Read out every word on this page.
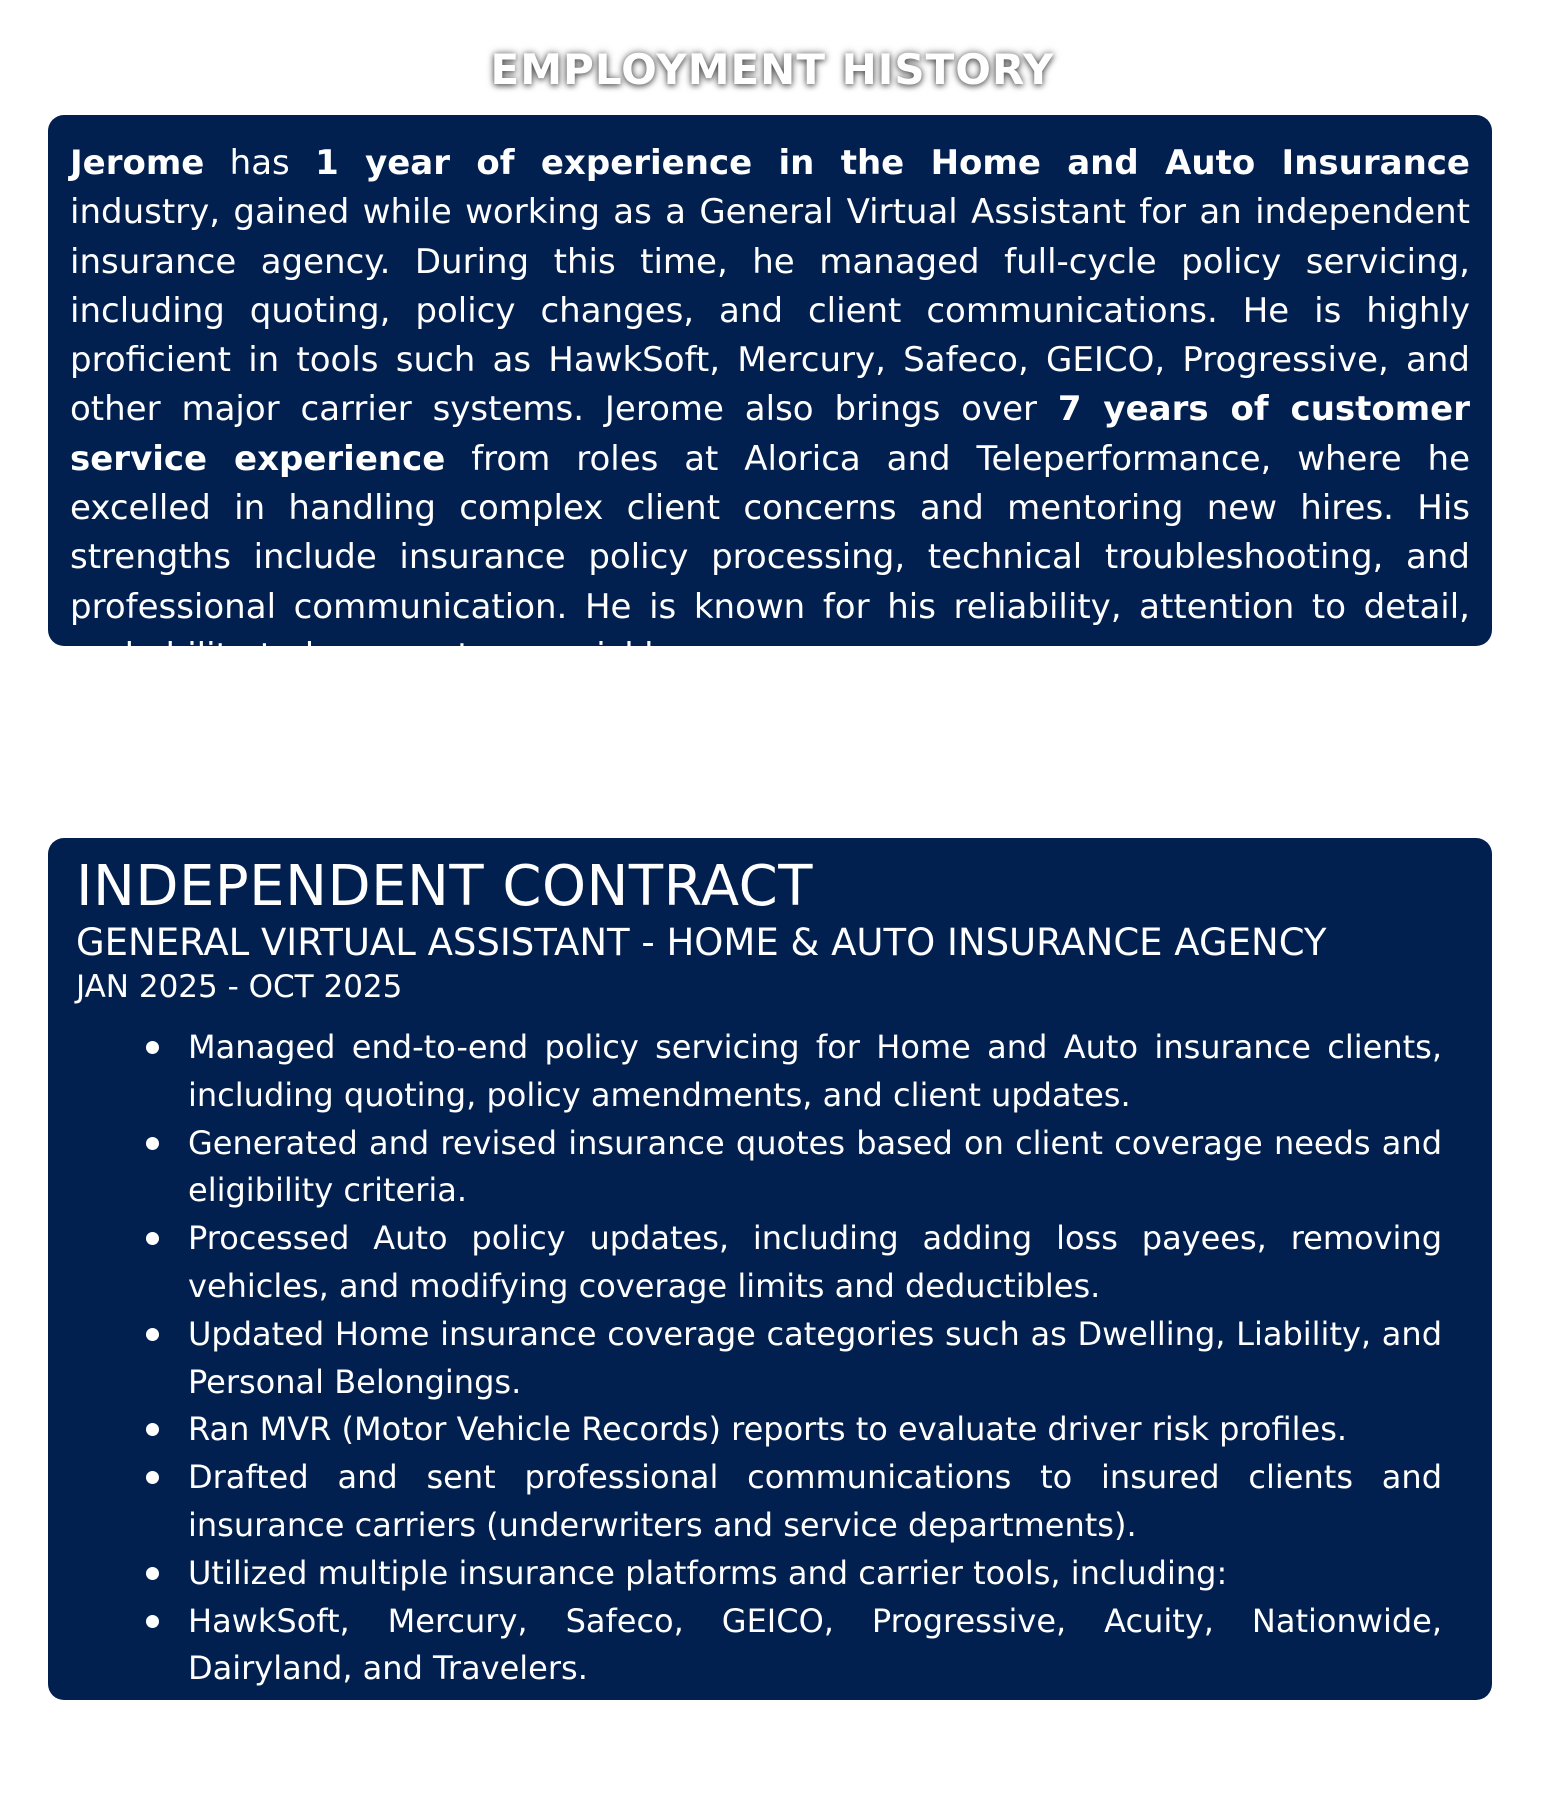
EMPLOYMENT HISTORY
Jerome has 1 year of experience in the Home and Auto Insurance industry, gained while working as a General Virtual Assistant for an independent insurance agency. During this time, he managed full-cycle policy servicing, including quoting, policy changes, and client communications. He is highly proficient in tools such as HawkSoft, Mercury, Safeco, GEICO, Progressive, and other major carrier systems. Jerome also brings over 7 years of customer service experience from roles at Alorica and Teleperformance, where he excelled in handling complex client concerns and mentoring new hires. His strengths include insurance policy processing, technical troubleshooting, and professional communication. He is known for his reliability, attention to detail, and ability to learn systems quickly.
INDEPENDENT CONTRACT
GENERAL VIRTUAL ASSISTANT - HOME & AUTO INSURANCE AGENCY
JAN 2025 - OCT 2025
Managed end-to-end policy servicing for Home and Auto insurance clients, including quoting, policy amendments, and client updates.
Generated and revised insurance quotes based on client coverage needs and eligibility criteria.
Processed Auto policy updates, including adding loss payees, removing vehicles, and modifying coverage limits and deductibles.
Updated Home insurance coverage categories such as Dwelling, Liability, and Personal Belongings.
Ran MVR (Motor Vehicle Records) reports to evaluate driver risk profiles.
Drafted and sent professional communications to insured clients and insurance carriers (underwriters and service departments).
Utilized multiple insurance platforms and carrier tools, including:
HawkSoft, Mercury, Safeco, GEICO, Progressive, Acuity, Nationwide, Dairyland, and Travelers.
